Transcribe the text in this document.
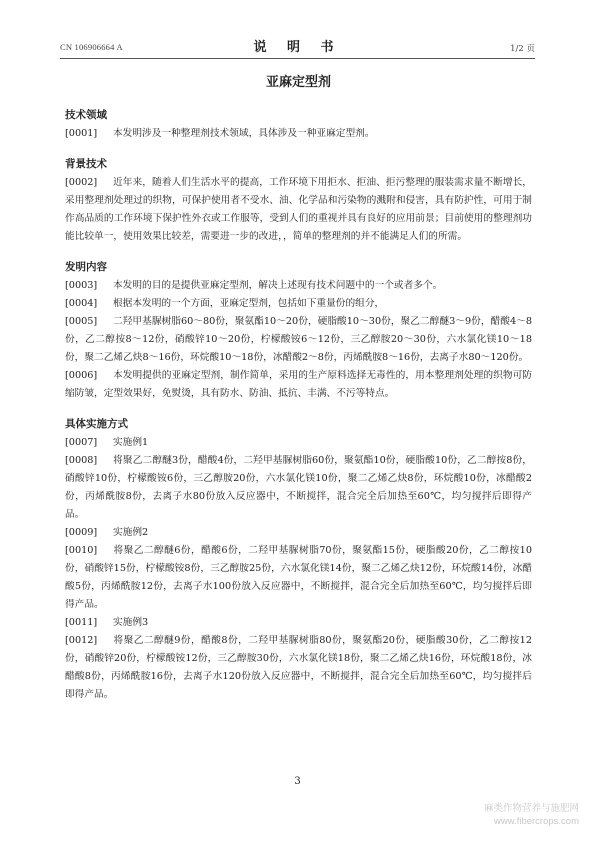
CN 106906664 A	说 明 书	1/2 页
亚麻定型剂
技术领域

[0001] 本发明涉及一种整理剂技术领域，具体涉及一种亚麻定型剂。

背景技术

[0002] 近年来，随着人们生活水平的提高，工作环境下用拒水、拒油、拒污整理的服装需求量不断增长，采用整理剂处理过的织物，可保护使用者不受水、油、化学品和污染物的溅附和侵害，具有防护性，可用于制作高品质的工作环境下保护性外衣或工作服等，受到人们的重视并具有良好的应用前景；目前使用的整理剂功能比较单一，使用效果比较差，需要进一步的改进，，简单的整理剂的并不能满足人们的所需。

发明内容

[0003] 本发明的目的是提供亚麻定型剂，解决上述现有技术问题中的一个或者多个。

[0004] 根据本发明的一个方面，亚麻定型剂，包括如下重量份的组分，

[0005] 二羟甲基脲树脂60～80份，聚氨酯10～20份，硬脂酸10～30份，聚乙二醇醚3～9份，醋酸4～8份，乙二醇按8～12份，硝酸锌10～20份，柠檬酸铵6～12份，三乙醇胺20～30份，六水氯化镁10～18份，聚二乙烯乙炔8～16份，环烷酸10～18份，冰醋酸2～8份，丙烯酰胺8～16份，去离子水80～120份。

[0006] 本发明提供的亚麻定型剂，制作简单，采用的生产原料选择无毒性的，用本整理剂处理的织物可防缩防皱，定型效果好，免熨烫，具有防水、防油、抵抗、丰满、不污等特点。

具体实施方式

[0007] 实施例1

[0008] 将聚乙二醇醚3份，醋酸4份，二羟甲基脲树脂60份，聚氨酯10份，硬脂酸10份，乙二醇按8份，硝酸锌10份，柠檬酸铵6份，三乙醇胺20份，六水氯化镁10份，聚二乙烯乙炔8份，环烷酸10份，冰醋酸2份，丙烯酰胺8份，去离子水80份放入反应器中，不断搅拌，混合完全后加热至60℃，均匀搅拌后即得产品。

[0009] 实施例2

[0010] 将聚乙二醇醚6份，醋酸6份，二羟甲基脲树脂70份，聚氨酯15份，硬脂酸20份，乙二醇按10份，硝酸锌15份，柠檬酸铵8份，三乙醇胺25份，六水氯化镁14份，聚二乙烯乙炔12份，环烷酸14份，冰醋酸5份，丙烯酰胺12份，去离子水100份放入反应器中，不断搅拌，混合完全后加热至60℃，均匀搅拌后即得产品。

[0011] 实施例3

[0012] 将聚乙二醇醚9份，醋酸8份，二羟甲基脲树脂80份，聚氨酯20份，硬脂酸30份，乙二醇按12份，硝酸锌20份，柠檬酸铵12份，三乙醇胺30份，六水氯化镁18份，聚二乙烯乙炔16份，环烷酸18份，冰醋酸8份，丙烯酰胺16份，去离子水120份放入反应器中，不断搅拌，混合完全后加热至60℃，均匀搅拌后即得产品。

3
麻类作物营养与施肥网
www.fibercrops.com
